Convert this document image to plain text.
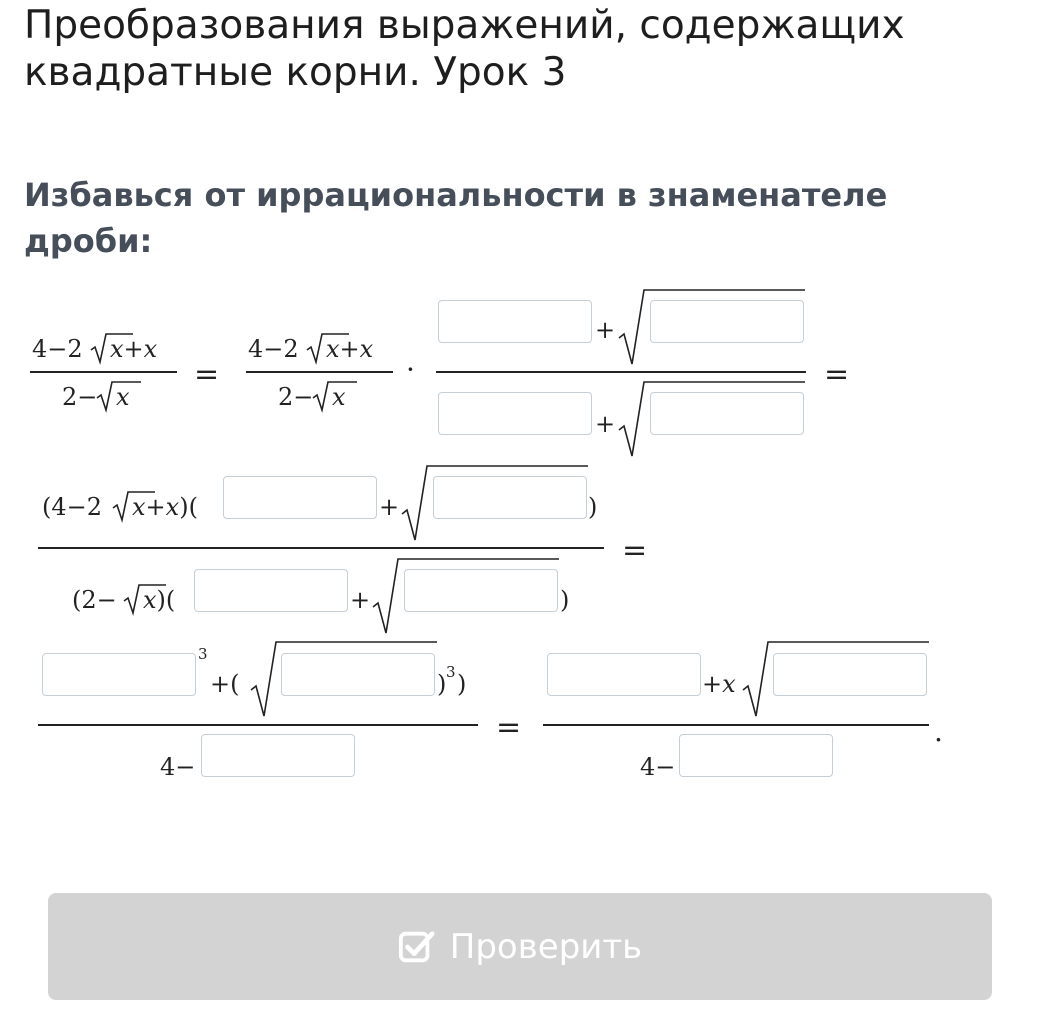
Преобразования выражений, содержащих
квадратные корни. Урок 3
Избавься от иррациональности в знаменателе
дроби:
4−2 x+x
2− x
=
4−2 x+x
2− x
·
+
+
=
(4−2 x+x)(	+	)
(2− x)(	+	)
=
3
+(	) 3 )
4−
=
+x
4−
.
Проверить
